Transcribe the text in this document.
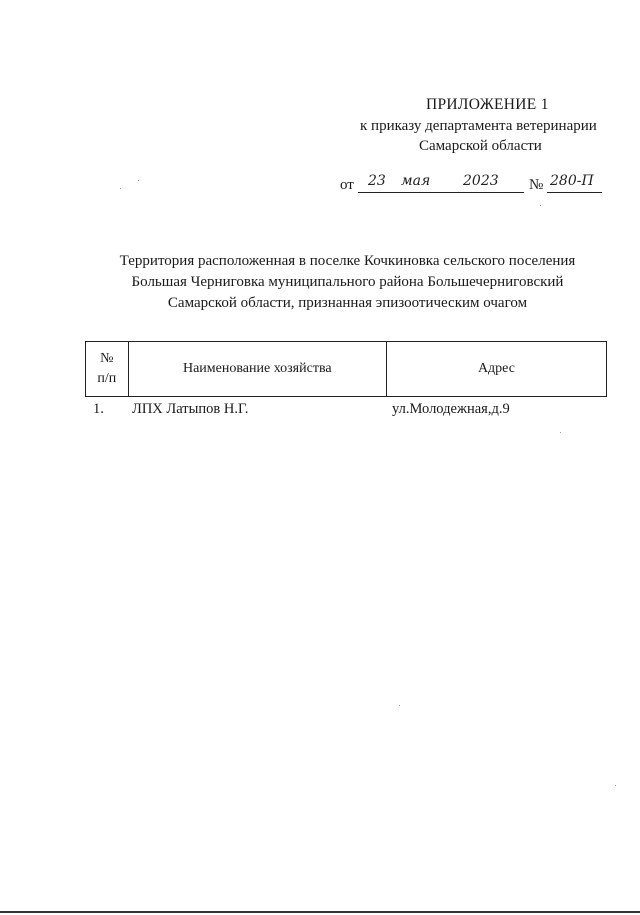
ПРИЛОЖЕНИЕ 1
к приказу департамента ветеринарии
Самарской области
от 23 мая 2023 № 280-П
Территория расположенная в поселке Кочкиновка сельского поселения
Большая Черниговка муниципального района Большечерниговский
Самарской области, признанная эпизоотическим очагом
№
п/п
	Наименование хозяйства	Адрес
1. ЛПХ Латыпов Н.Г.	ул.Молодежная,д.9
